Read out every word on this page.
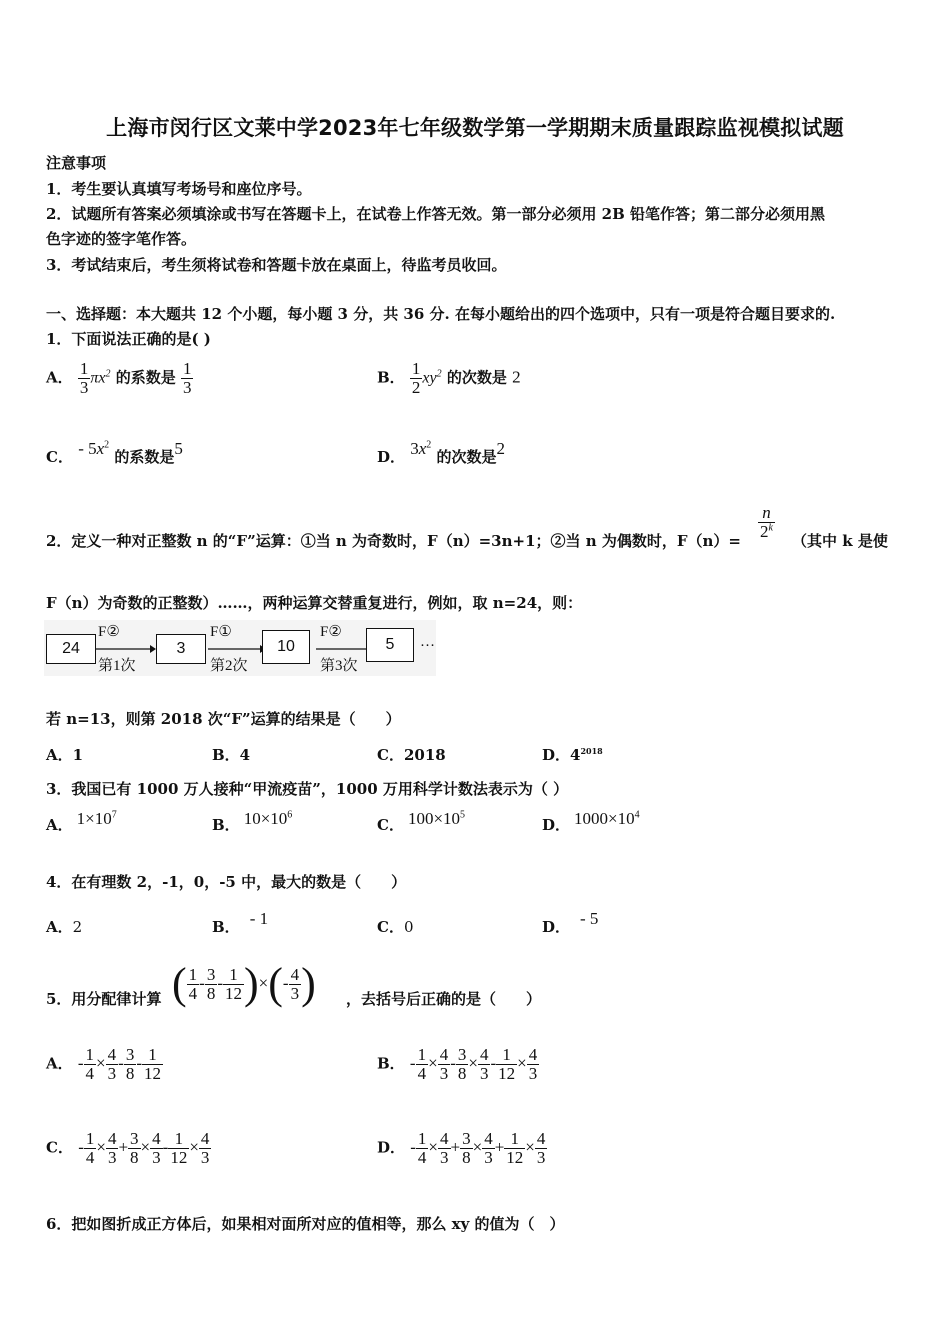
上海市闵行区文莱中学2023年七年级数学第一学期期末质量跟踪监视模拟试题
注意事项
1．考生要认真填写考场号和座位序号。
2．试题所有答案必须填涂或书写在答题卡上，在试卷上作答无效。第一部分必须用 2B 铅笔作答；第二部分必须用黑
色字迹的签字笔作答。
3．考试结束后，考生须将试卷和答题卡放在桌面上，待监考员收回。
一、选择题：本大题共 12 个小题，每小题 3 分，共 36 分. 在每小题给出的四个选项中，只有一项是符合题目要求的.
1．下面说法正确的是( )
A． $\frac{1}{3} \pi x^2$ 的系数是 $\frac{1}{3}$	B． $\frac{1}{2} xy^2$ 的次数是 2
C． - $5x^2$ 的系数是5	D． $3x^2$ 的次数是2
2．定义一种对正整数 n 的“F”运算：①当 n 为奇数时，F（n）=3n+1；②当 n 为偶数时，F（n）=
$\frac{n}{2^k}$
（其中 k 是使
F（n）为奇数的正整数）……，两种运算交替重复进行，例如，取 n=24，则：
24
F②
第1次
3
F①
第2次
10
F②
第3次
5	…
若 n=13，则第 2018 次“F”运算的结果是（　　）
A．1	B．4	C．2018	D．$4^{2018}$
3．我国已有 1000 万人接种“甲流疫苗”，1000 万用科学计数法表示为（ ）
A． $1\times 10^7$
B． $10\times 10^6$
C． $100\times 10^5$
D． $1000\times 10^4$
4．在有理数 2，-1，0，-5 中，最大的数是（　　）
A．2	B． - 1	C．0	D． - 5
5．用分配律计算 ( $\frac{1}{4} - \frac{3}{8} - \frac{1}{12}$ )×(- $\frac{4}{3}$ ) ，去括号后正确的是（　　）
A． - $\frac{1}{4} \times \frac{4}{3} - \frac{3}{8} - \frac{1}{12}$	B． - $\frac{1}{4} \times \frac{4}{3} - \frac{3}{8} \times \frac{4}{3} - \frac{1}{12} \times \frac{4}{3}$
C． - $\frac{1}{4} \times \frac{4}{3} + \frac{3}{8} \times \frac{4}{3} - \frac{1}{12} \times \frac{4}{3}$	D． - $\frac{1}{4} \times \frac{4}{3} + \frac{3}{8} \times \frac{4}{3} + \frac{1}{12} \times \frac{4}{3}$
6．把如图折成正方体后，如果相对面所对应的值相等，那么 xy 的值为（　）
